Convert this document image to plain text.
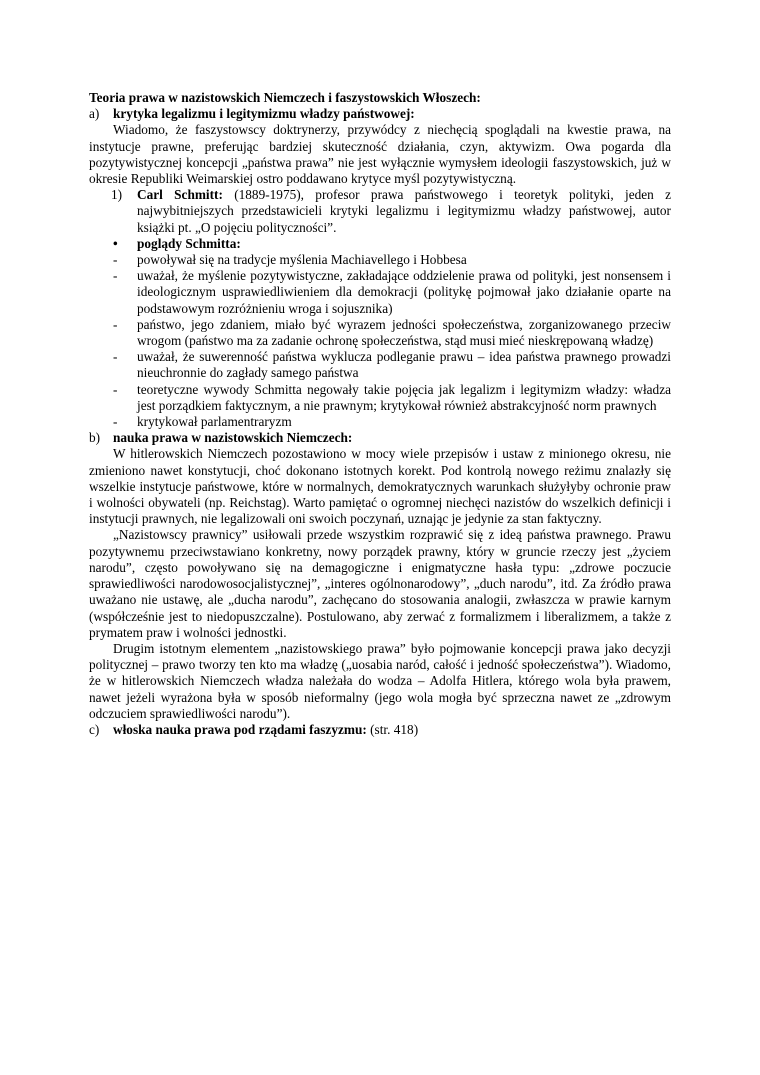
Teoria prawa w nazistowskich Niemczech i faszystowskich Włoszech:

a) krytyka legalizmu i legitymizmu władzy państwowej:

Wiadomo, że faszystowscy doktrynerzy, przywódcy z niechęcią spoglądali na kwestie prawa, na instytucje prawne, preferując bardziej skuteczność działania, czyn, aktywizm. Owa pogarda dla pozytywistycznej koncepcji „państwa prawa” nie jest wyłącznie wymysłem ideologii faszystowskich, już w okresie Republiki Weimarskiej ostro poddawano krytyce myśl pozytywistyczną.

1) Carl Schmitt: (1889-1975), profesor prawa państwowego i teoretyk polityki, jeden z najwybitniejszych przedstawicieli krytyki legalizmu i legitymizmu władzy państwowej, autor książki pt. „O pojęciu polityczności”.
• poglądy Schmitta:
- powoływał się na tradycje myślenia Machiavellego i Hobbesa
- uważał, że myślenie pozytywistyczne, zakładające oddzielenie prawa od polityki, jest nonsensem i ideologicznym usprawiedliwieniem dla demokracji (politykę pojmował jako działanie oparte na podstawowym rozróżnieniu wroga i sojusznika)
- państwo, jego zdaniem, miało być wyrazem jedności społeczeństwa, zorganizowanego przeciw wrogom (państwo ma za zadanie ochronę społeczeństwa, stąd musi mieć nieskrępowaną władzę)
- uważał, że suwerenność państwa wyklucza podleganie prawu – idea państwa prawnego prowadzi nieuchronnie do zagłady samego państwa
- teoretyczne wywody Schmitta negowały takie pojęcia jak legalizm i legitymizm władzy: władza jest porządkiem faktycznym, a nie prawnym; krytykował również abstrakcyjność norm prawnych
- krytykował parlamentraryzm
b) nauka prawa w nazistowskich Niemczech:

W hitlerowskich Niemczech pozostawiono w mocy wiele przepisów i ustaw z minionego okresu, nie zmieniono nawet konstytucji, choć dokonano istotnych korekt. Pod kontrolą nowego reżimu znalazły się wszelkie instytucje państwowe, które w normalnych, demokratycznych warunkach służyłyby ochronie praw i wolności obywateli (np. Reichstag). Warto pamiętać o ogromnej niechęci nazistów do wszelkich definicji i instytucji prawnych, nie legalizowali oni swoich poczynań, uznając je jedynie za stan faktyczny.

„Nazistowscy prawnicy” usiłowali przede wszystkim rozprawić się z ideą państwa prawnego. Prawu pozytywnemu przeciwstawiano konkretny, nowy porządek prawny, który w gruncie rzeczy jest „życiem narodu”, często powoływano się na demagogiczne i enigmatyczne hasła typu: „zdrowe poczucie sprawiedliwości narodowosocjalistycznej”, „interes ogólnonarodowy”, „duch narodu”, itd. Za źródło prawa uważano nie ustawę, ale „ducha narodu”, zachęcano do stosowania analogii, zwłaszcza w prawie karnym (współcześnie jest to niedopuszczalne). Postulowano, aby zerwać z formalizmem i liberalizmem, a także z prymatem praw i wolności jednostki.

Drugim istotnym elementem „nazistowskiego prawa” było pojmowanie koncepcji prawa jako decyzji politycznej – prawo tworzy ten kto ma władzę („uosabia naród, całość i jedność społeczeństwa”). Wiadomo, że w hitlerowskich Niemczech władza należała do wodza – Adolfa Hitlera, którego wola była prawem, nawet jeżeli wyrażona była w sposób nieformalny (jego wola mogła być sprzeczna nawet ze „zdrowym odczuciem sprawiedliwości narodu”).

c) włoska nauka prawa pod rządami faszyzmu: (str. 418)
